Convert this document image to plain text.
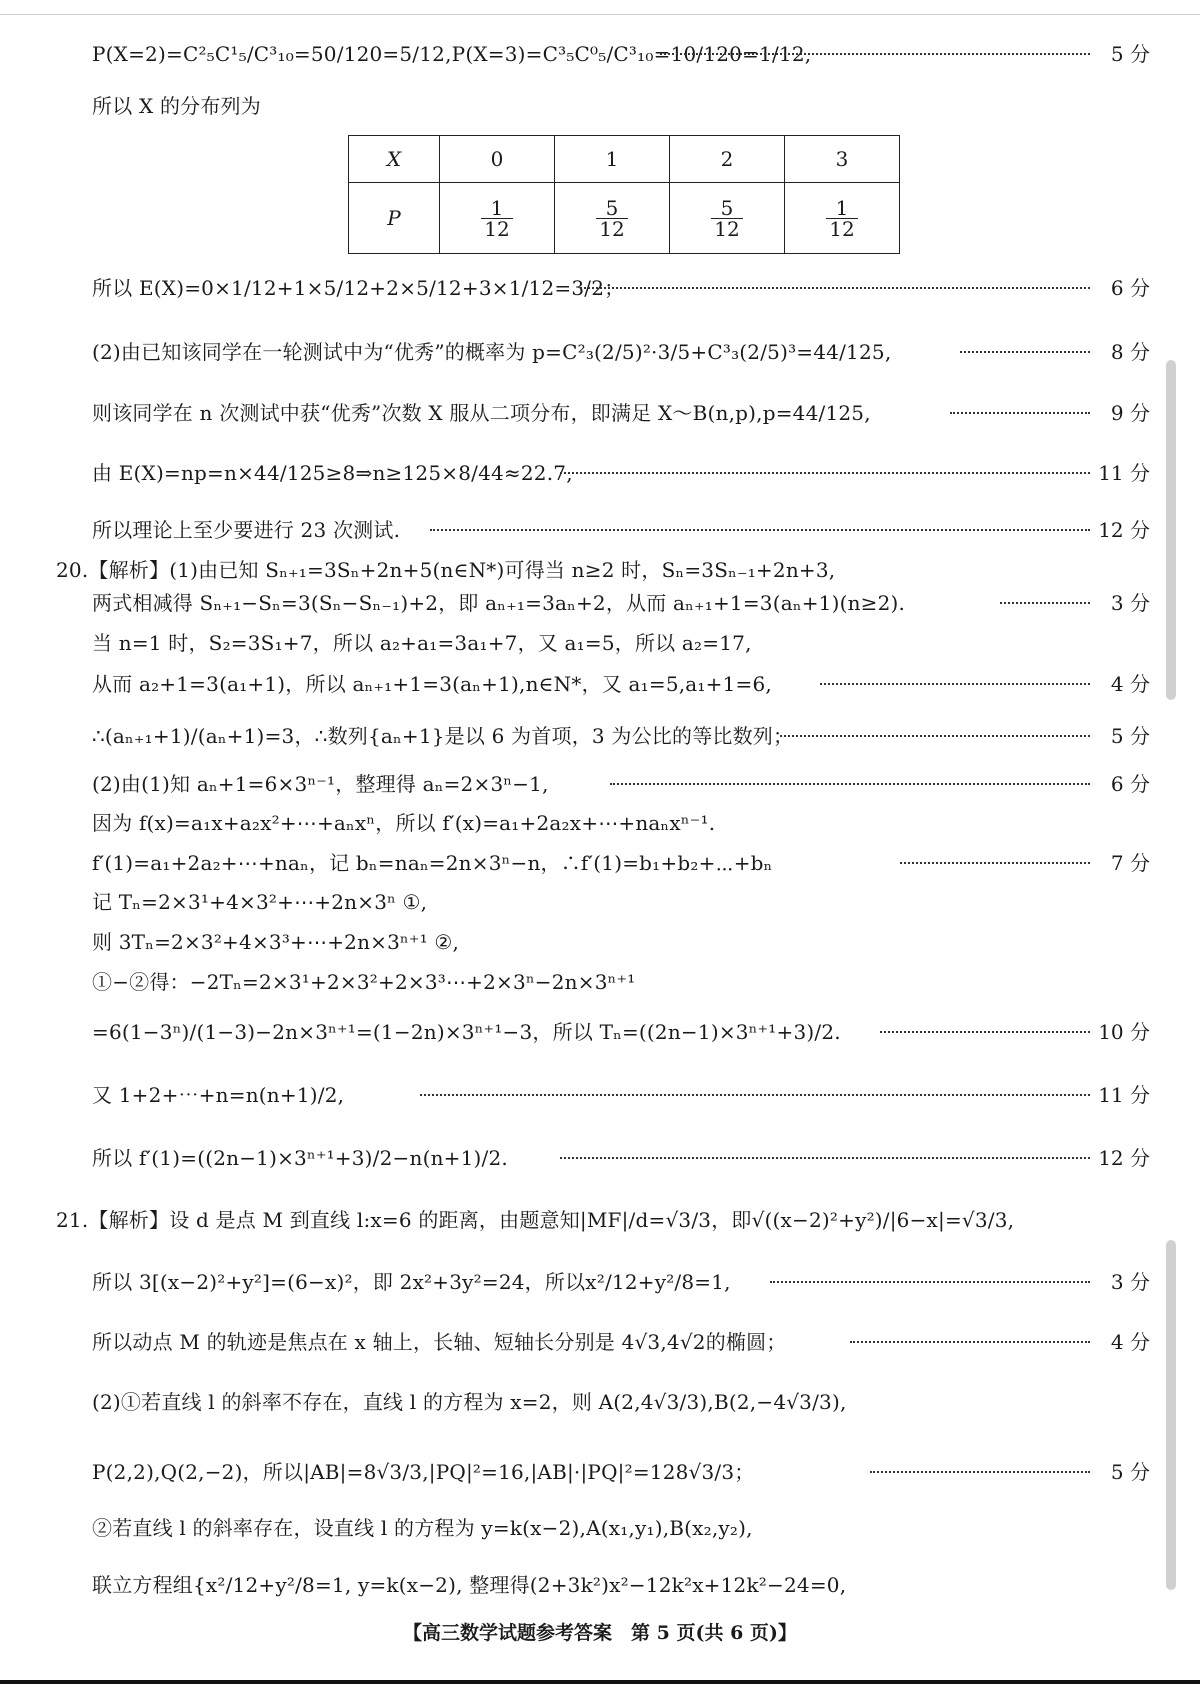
P(X=2)=C²₅C¹₅/C³₁₀=50/120=5/12,P(X=3)=C³₅C⁰₅/C³₁₀=10/120=1/12,	5 分
所以 X 的分布列为
X	0	1	2	3
P	$\frac{1}{12}$	$\frac{5}{12}$	$\frac{5}{12}$	$\frac{1}{12}$
所以 E(X)=0×1/12+1×5/12+2×5/12+3×1/12=3/2；	6 分
(2)由已知该同学在一轮测试中为“优秀”的概率为 p=C²₃(2/5)²·3/5+C³₃(2/5)³=44/125,	8 分
则该同学在 n 次测试中获“优秀”次数 X 服从二项分布，即满足 X～B(n,p),p=44/125,	9 分
由 E(X)=np=n×44/125≥8⇒n≥125×8/44≈22.7,	11 分
所以理论上至少要进行 23 次测试.	12 分
20.【解析】(1)由已知 Sₙ₊₁=3Sₙ+2n+5(n∈N*)可得当 n≥2 时，Sₙ=3Sₙ₋₁+2n+3,
两式相减得 Sₙ₊₁−Sₙ=3(Sₙ−Sₙ₋₁)+2，即 aₙ₊₁=3aₙ+2，从而 aₙ₊₁+1=3(aₙ+1)(n≥2).	3 分
当 n=1 时，S₂=3S₁+7，所以 a₂+a₁=3a₁+7，又 a₁=5，所以 a₂=17,
从而 a₂+1=3(a₁+1)，所以 aₙ₊₁+1=3(aₙ+1),n∈N*，又 a₁=5,a₁+1=6,	4 分
∴(aₙ₊₁+1)/(aₙ+1)=3，∴数列{aₙ+1}是以 6 为首项，3 为公比的等比数列；	5 分
(2)由(1)知 aₙ+1=6×3ⁿ⁻¹，整理得 aₙ=2×3ⁿ−1,	6 分
因为 f(x)=a₁x+a₂x²+⋯+aₙxⁿ，所以 f′(x)=a₁+2a₂x+⋯+naₙxⁿ⁻¹.
f′(1)=a₁+2a₂+⋯+naₙ，记 bₙ=naₙ=2n×3ⁿ−n，∴f′(1)=b₁+b₂+⋯+bₙ	7 分
记 Tₙ=2×3¹+4×3²+⋯+2n×3ⁿ ①,
则 3Tₙ=2×3²+4×3³+⋯+2n×3ⁿ⁺¹ ②,
①−②得：−2Tₙ=2×3¹+2×3²+2×3³⋯+2×3ⁿ−2n×3ⁿ⁺¹
=6(1−3ⁿ)/(1−3)−2n×3ⁿ⁺¹=(1−2n)×3ⁿ⁺¹−3，所以 Tₙ=((2n−1)×3ⁿ⁺¹+3)/2.	10 分
又 1+2+⋯+n=n(n+1)/2,	11 分
所以 f′(1)=((2n−1)×3ⁿ⁺¹+3)/2−n(n+1)/2.	12 分
21.【解析】设 d 是点 M 到直线 l:x=6 的距离，由题意知|MF|/d=√3/3，即√((x−2)²+y²)/|6−x|=√3/3,
所以 3[(x−2)²+y²]=(6−x)²，即 2x²+3y²=24，所以x²/12+y²/8=1,	3 分
所以动点 M 的轨迹是焦点在 x 轴上，长轴、短轴长分别是 4√3,4√2的椭圆；	4 分
(2)①若直线 l 的斜率不存在，直线 l 的方程为 x=2，则 A(2,4√3/3),B(2,−4√3/3),
P(2,2),Q(2,−2)，所以|AB|=8√3/3,|PQ|²=16,|AB|·|PQ|²=128√3/3；	5 分
②若直线 l 的斜率存在，设直线 l 的方程为 y=k(x−2),A(x₁,y₁),B(x₂,y₂),
联立方程组{x²/12+y²/8=1, y=k(x−2), 整理得(2+3k²)x²−12k²x+12k²−24=0,
【高三数学试题参考答案　第 5 页(共 6 页)】
